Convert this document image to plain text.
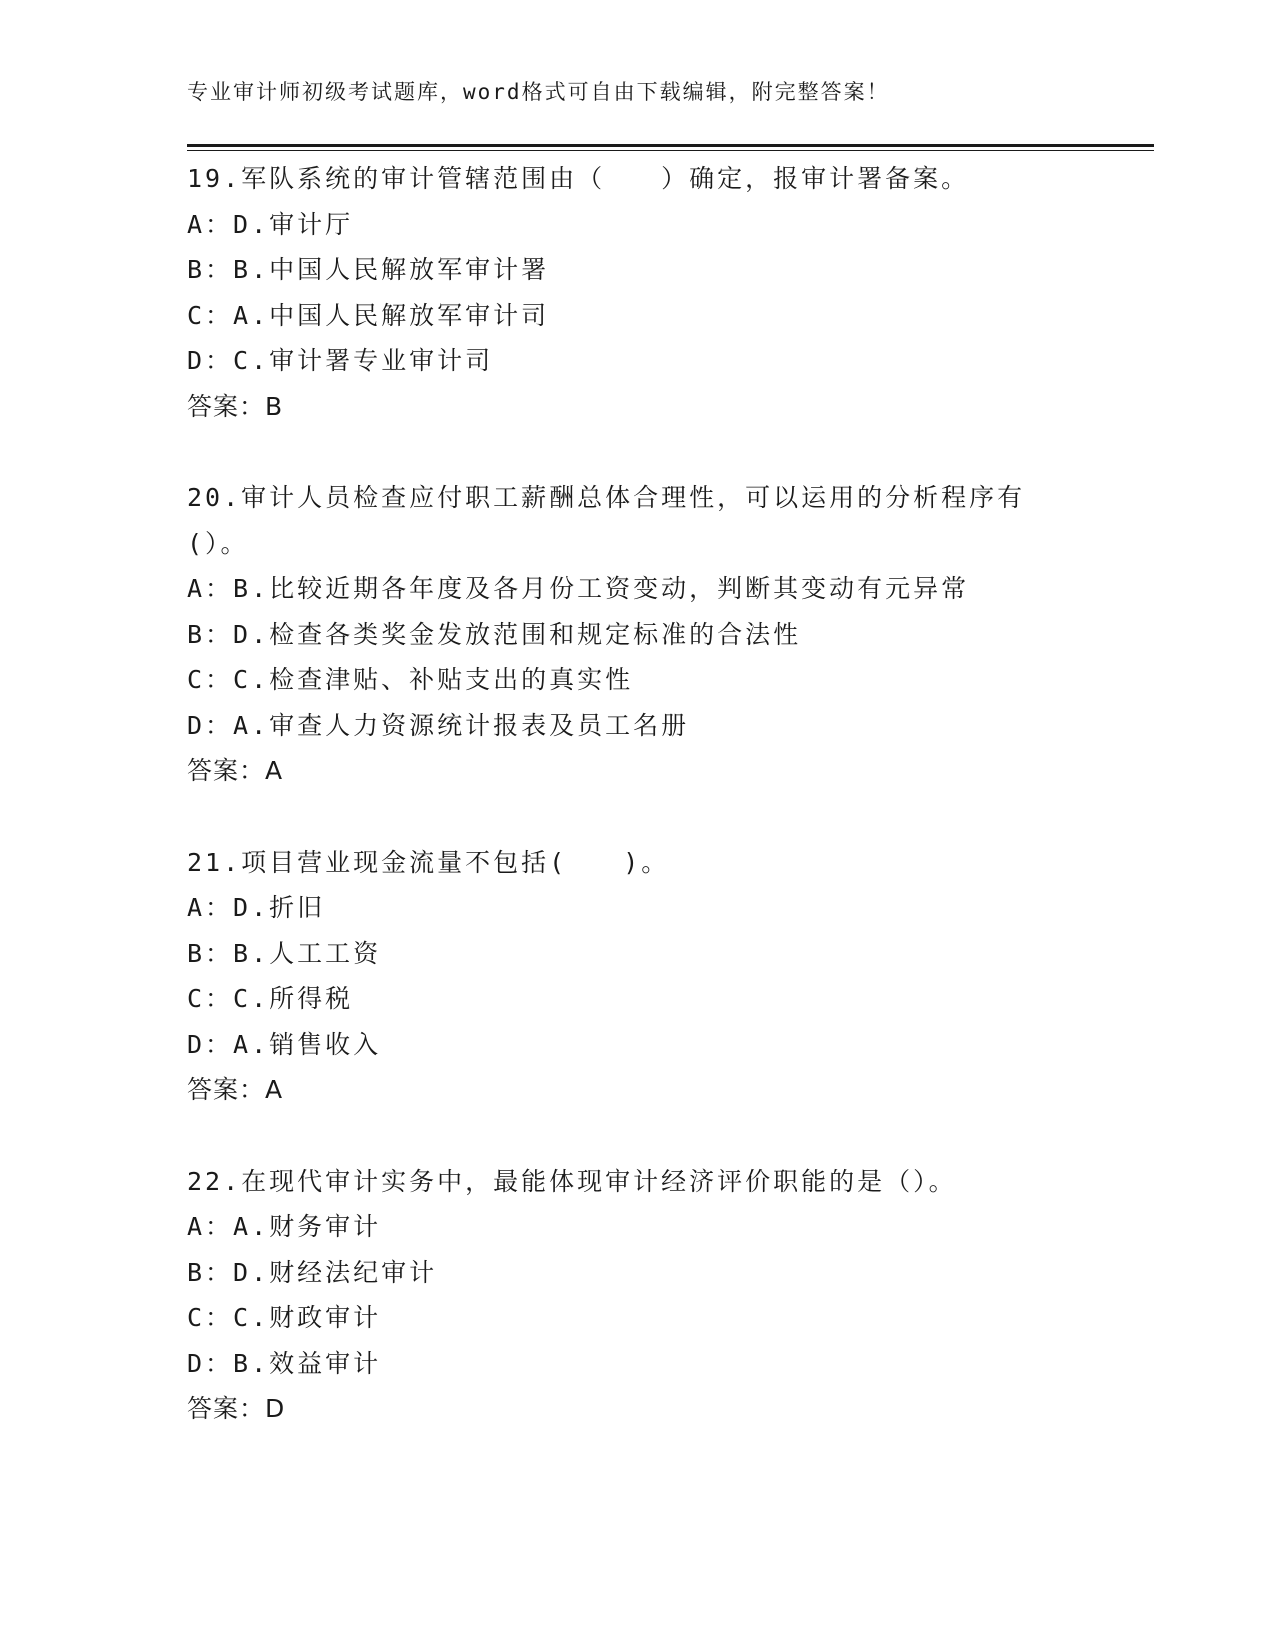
专业审计师初级考试题库，word格式可自由下载编辑，附完整答案！
19.军队系统的审计管辖范围由（　　）确定，报审计署备案。
A：D.审计厅
B：B.中国人民解放军审计署
C：A.中国人民解放军审计司
D：C.审计署专业审计司
答案：B
20.审计人员检查应付职工薪酬总体合理性，可以运用的分析程序有(）。
A：B.比较近期各年度及各月份工资变动，判断其变动有元异常
B：D.检查各类奖金发放范围和规定标准的合法性
C：C.检查津贴、补贴支出的真实性
D：A.审查人力资源统计报表及员工名册
答案：A
21.项目营业现金流量不包括(　　)。
A：D.折旧
B：B.人工工资
C：C.所得税
D：A.销售收入
答案：A
22.在现代审计实务中，最能体现审计经济评价职能的是（）。
A：A.财务审计
B：D.财经法纪审计
C：C.财政审计
D：B.效益审计
答案：D
